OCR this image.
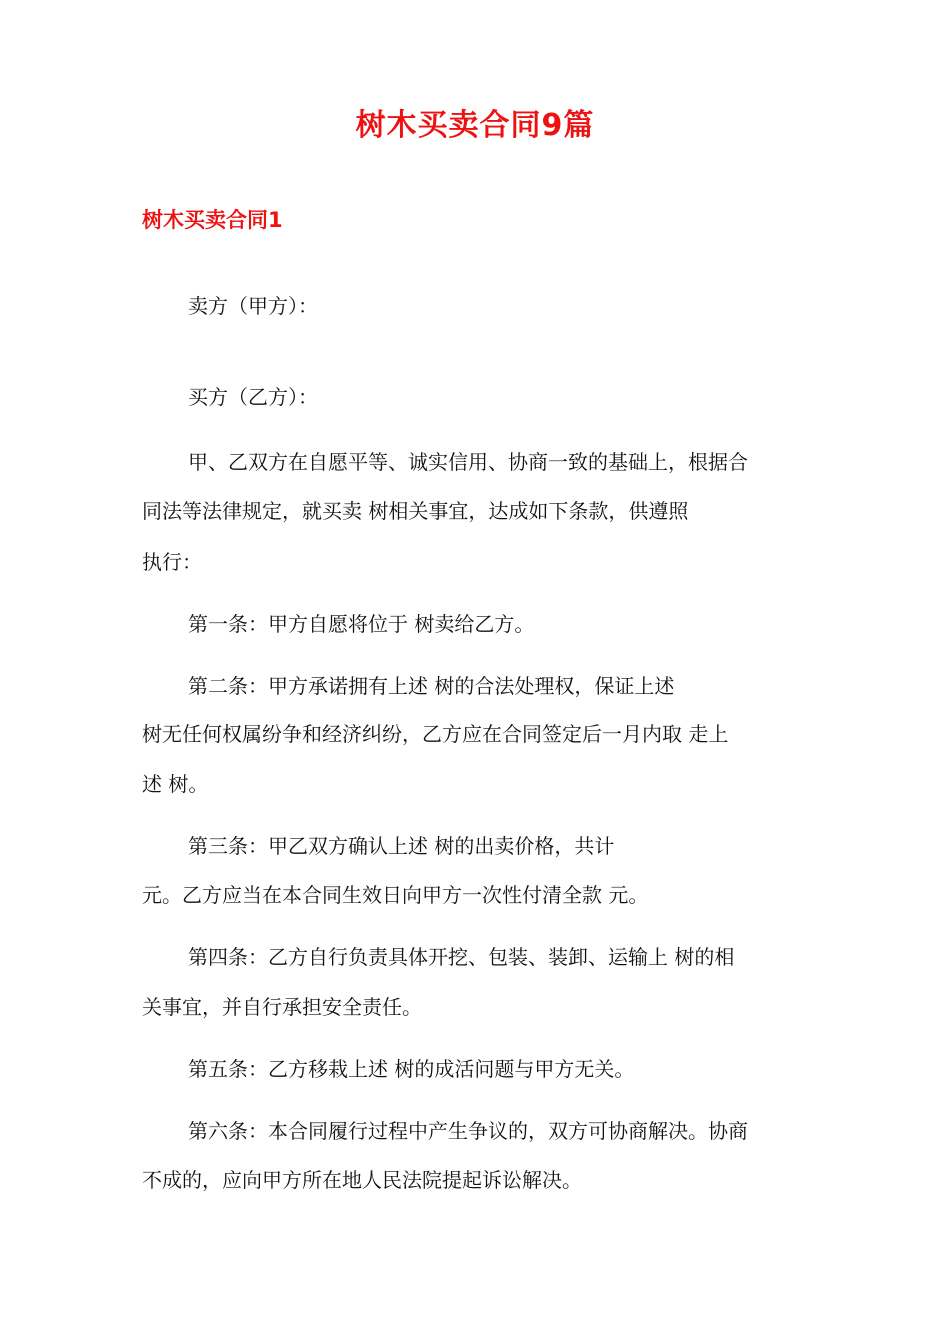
树木买卖合同9篇
树木买卖合同1
卖方（甲方）：
买方（乙方）：
甲、乙双方在自愿平等、诚实信用、协商一致的基础上，根据合
同法等法律规定，就买卖 树相关事宜，达成如下条款，供遵照
执行：
第一条：甲方自愿将位于 树卖给乙方。
第二条：甲方承诺拥有上述 树的合法处理权，保证上述
树无任何权属纷争和经济纠纷，乙方应在合同签定后一月内取 走上
述 树。
第三条：甲乙双方确认上述 树的出卖价格，共计
元。乙方应当在本合同生效日向甲方一次性付清全款 元。
第四条：乙方自行负责具体开挖、包装、装卸、运输上 树的相
关事宜，并自行承担安全责任。
第五条：乙方移栽上述 树的成活问题与甲方无关。
第六条：本合同履行过程中产生争议的，双方可协商解决。协商
不成的，应向甲方所在地人民法院提起诉讼解决。
